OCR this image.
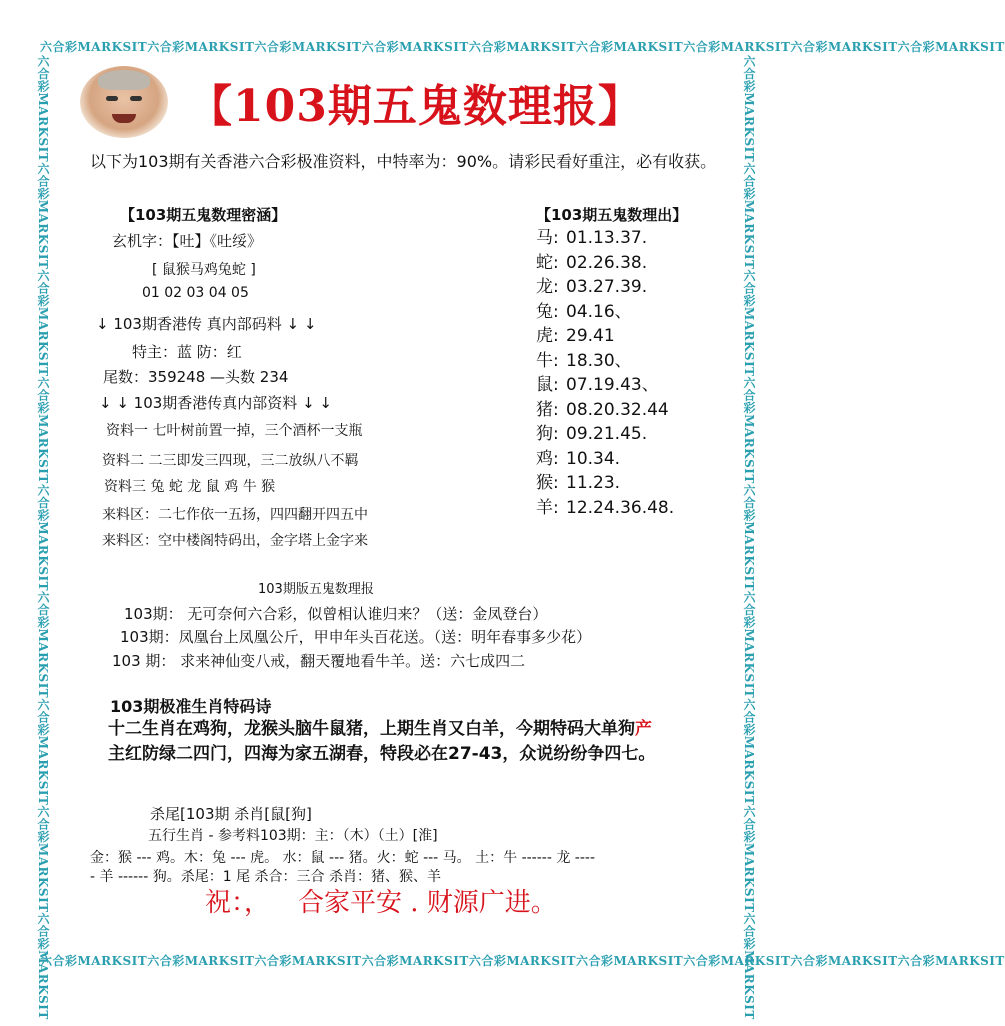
六合彩MARKSIT六合彩MARKSIT六合彩MARKSIT六合彩MARKSIT六合彩MARKSIT六合彩MARKSIT六合彩MARKSIT六合彩MARKSIT六合彩MARKSIT
六合彩MARKSIT六合彩MARKSIT六合彩MARKSIT六合彩MARKSIT六合彩MARKSIT六合彩MARKSIT六合彩MARKSIT六合彩MARKSIT六合彩MARKSIT
六合彩MARKSIT六合彩MARKSIT六合彩MARKSIT六合彩MARKSIT六合彩MARKSIT六合彩MARKSIT六合彩MARKSIT六合彩MARKSIT六合彩MARKSIT	六合彩MARKSIT六合彩MARKSIT六合彩MARKSIT六合彩MARKSIT六合彩MARKSIT六合彩MARKSIT六合彩MARKSIT六合彩MARKSIT六合彩MARKSIT
【103期五鬼数理报】
以下为103期有关香港六合彩极准资料，中特率为：90%。请彩民看好重注，必有收获。
【103期五鬼数理密涵】
玄机字：【吐】《吐绥》
[ 鼠猴马鸡兔蛇 ]
01 02 03 04 05
↓ 103期香港传 真内部码料 ↓ ↓
特主：蓝 防：红
尾数：359248 —头数 234
↓ ↓ 103期香港传真内部资料 ↓ ↓
资料一 七叶树前置一掉，三个酒杯一支瓶
资料二 二三即发三四现，三二放纵八不羁
资料三 兔 蛇 龙 鼠 鸡 牛 猴
来料区：二七作依一五扬，四四翻开四五中
来料区：空中楼阁特码出，金字塔上金字来
【103期五鬼数理出】
马: 01.13.37.
蛇: 02.26.38.
龙: 03.27.39.
兔: 04.16、
虎: 29.41
牛: 18.30、
鼠: 07.19.43、
猪: 08.20.32.44
狗: 09.21.45.
鸡: 10.34.
猴: 11.23.
羊: 12.24.36.48.
103期版五鬼数理报
103期： 无可奈何六合彩，似曾相认谁归来？（送：金凤登台）
103期：凤凰台上凤凰公斤，甲申年头百花送。（送：明年春事多少花）
103 期： 求来神仙变八戒，翻天覆地看牛羊。送：六七成四二
103期极准生肖特码诗
十二生肖在鸡狗，龙猴头脑牛鼠猪，上期生肖又白羊，今期特码大单狗产
主红防绿二四门，四海为家五湖春，特段必在27-43，众说纷纷争四七。
杀尾[103期 杀肖[鼠[狗]
五行生肖 - 参考料103期：主：（木）（土）[淮]
金：猴 --- 鸡。木：兔 --- 虎。 水：鼠 --- 猪。火：蛇 --- 马。 土：牛 ------ 龙 ----
- 羊 ------ 狗。杀尾：1 尾 杀合：三合 杀肖：猪、猴、羊
祝：， 合家平安 . 财源广进。
